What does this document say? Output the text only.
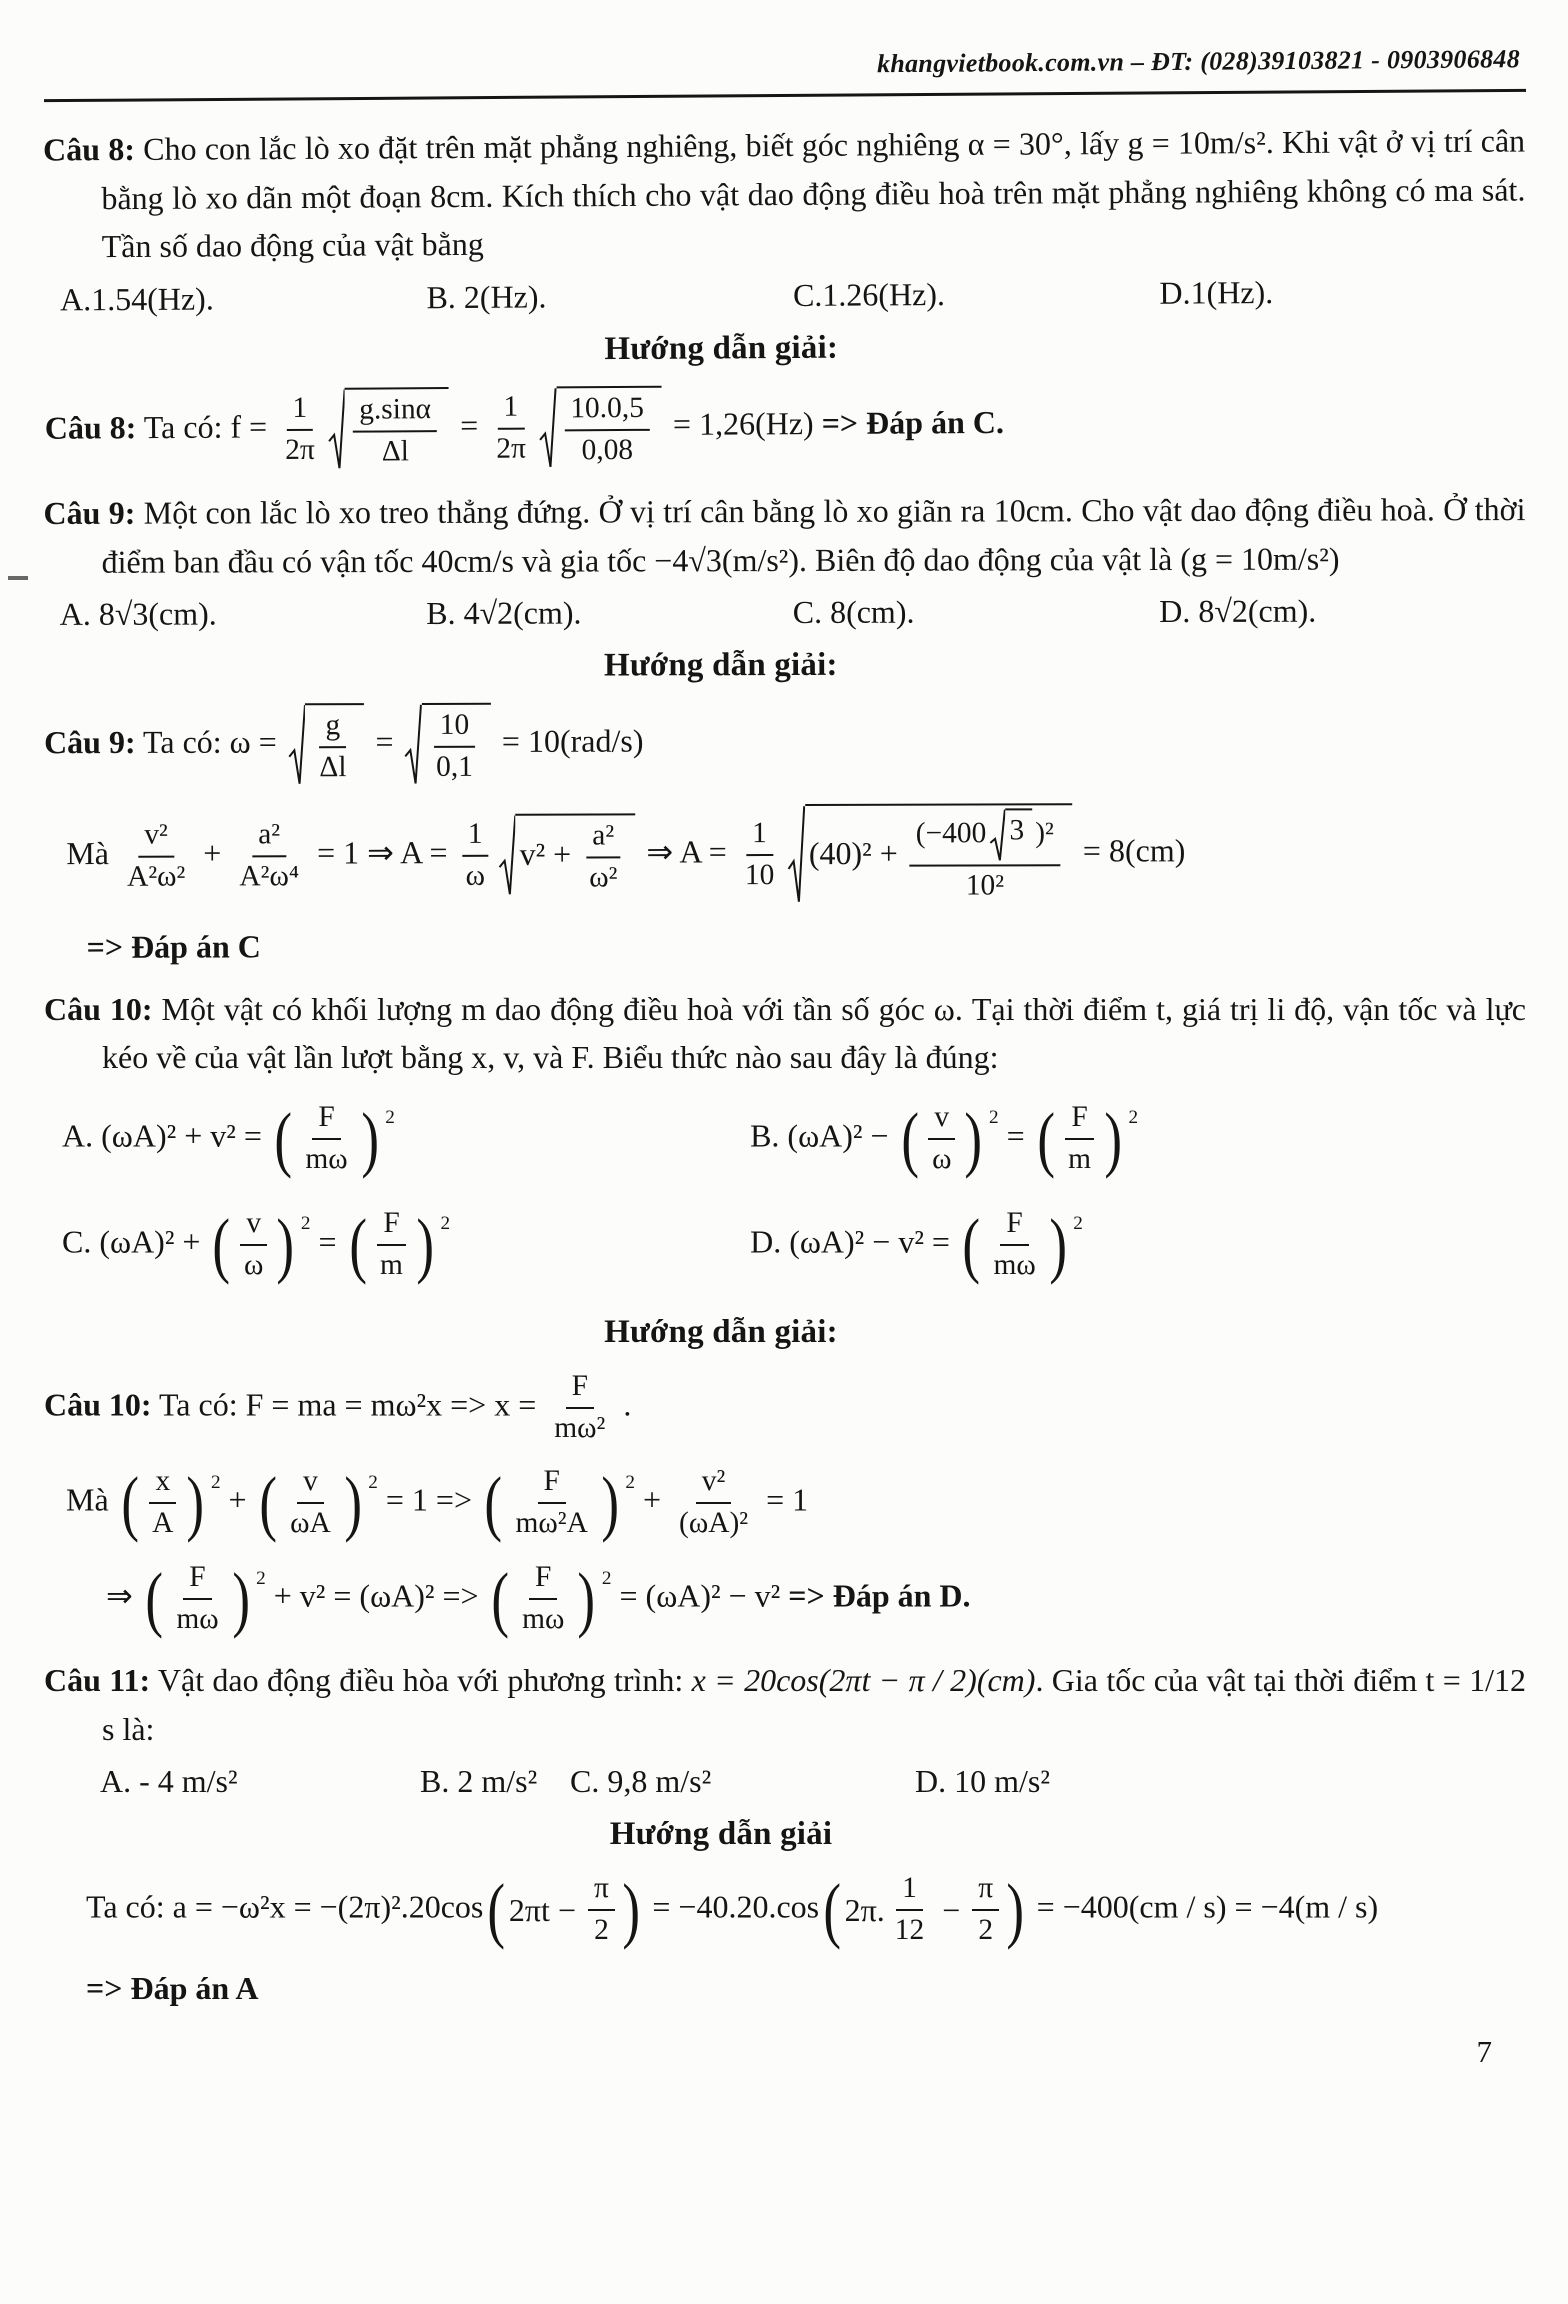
khangvietbook.com.vn – ĐT: (028)39103821 - 0903906848

Câu 8: Cho con lắc lò xo đặt trên mặt phẳng nghiêng, biết góc nghiêng α = 30°, lấy g = 10m/s². Khi vật ở vị trí cân bằng lò xo dãn một đoạn 8cm. Kích thích cho vật dao động điều hoà trên mặt phẳng nghiêng không có ma sát. Tần số dao động của vật bằng

A.1.54(Hz).	B. 2(Hz).	C.1.26(Hz).	D.1(Hz).
Hướng dẫn giải:
Câu 8: Ta có: $f = \frac{1}{2\pi} \frac{g.\sin\alpha}{\Delta l} = \frac{1}{2\pi} \frac{10.0,5}{0,08} = 1,26(Hz)$ => Đáp án C.

Câu 9: Một con lắc lò xo treo thẳng đứng. Ở vị trí cân bằng lò xo giãn ra 10cm. Cho vật dao động điều hoà. Ở thời điểm ban đầu có vận tốc 40cm/s và gia tốc −4√3(m/s²). Biên độ dao động của vật là (g = 10m/s²)

A. 8√3(cm).	B. 4√2(cm).	C. 8(cm).	D. 8√2(cm).
Hướng dẫn giải:
Câu 9: Ta có: $\omega = \frac{g}{\Delta l} = \frac{10}{0,1} = 10(rad/s)$
Mà $\frac{\text{v²}}{\text{A²ω²}} + \frac{\text{a²}}{\text{A²ω⁴}} = 1$ ⇒ $A = \frac{1}{\omega} v^2 + \frac{\text{a²}}{\text{ω²}}$ ⇒ $A = \frac{1}{10} (40)^2 + \frac{\text{(−400 3 )²}}{\text{10²}} = 8(cm)$
=> Đáp án C

Câu 10: Một vật có khối lượng m dao động điều hoà với tần số góc ω. Tại thời điểm t, giá trị li độ, vận tốc và lực kéo về của vật lần lượt bằng x, v, và F. Biểu thức nào sau đây là đúng:

A. (ωA)² + v² = ( $\frac{F}{m\omega}$ ) $^2$	B. (ωA)² − ( $\frac{v}{\omega}$ ) $^2$ = ( $\frac{F}{m}$ ) $^2$
C. (ωA)² + ( $\frac{v}{\omega}$ ) $^2$ = ( $\frac{F}{m}$ ) $^2$	D. (ωA)² − v² = ( $\frac{F}{m\omega}$ ) $^2$
Hướng dẫn giải:
Câu 10: Ta có: F = ma = $m\omega^2x => x = \frac{F}{\text{mω²}}$ .
Mà ( $\frac{x}{A}$ ) $^2$ + ( $\frac{v}{\omega A}$ ) $^2$ = 1 => ( $\frac{F}{\text{mω²A}}$ ) $^2 + \frac{\text{v²}}{\text{(ωA)²}} = 1$
⇒ ( $\frac{F}{m\omega}$ ) $^2$ + v² = (ωA)² => ( $\frac{F}{m\omega}$ ) $^2$ = (ωA)² − v² => Đáp án D.

Câu 11: Vật dao động điều hòa với phương trình: x = 20cos(2πt − π / 2)(cm). Gia tốc của vật tại thời điểm t = 1/12 s là:

A. - 4 m/s²	B. 2 m/s²	C. 9,8 m/s²	D. 10 m/s²
Hướng dẫn giải
Ta có: a = −ω²x = −(2π)².20cos ( $2\pi t - \frac{\pi}{2}$ ) = −40.20.cos ( 2π. $\frac{1}{12} - \frac{\pi}{2}$ ) = −400(cm / s) = −4(m / s)
=> Đáp án A
7
